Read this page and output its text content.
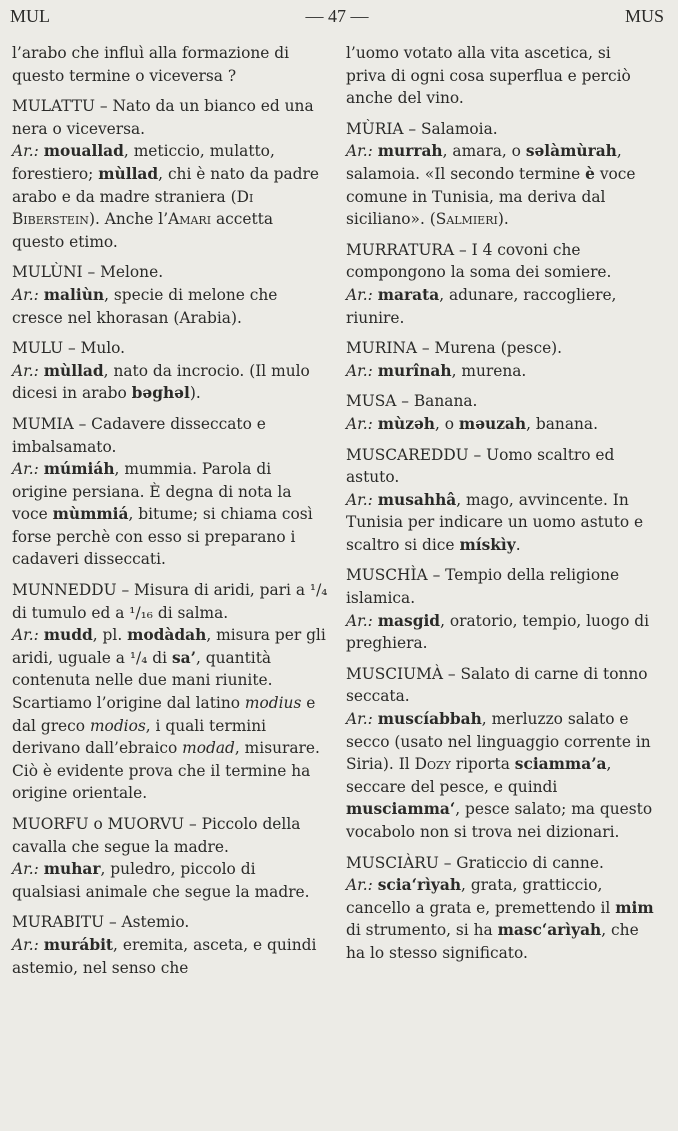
MUL	— 47 —	MUS

l’arabo che influì alla formazione di questo termine o viceversa ?

MULATTU – Nato da un bianco ed una nera o viceversa.

Ar.: mouallad, meticcio, mulatto, forestiero; mùllad, chi è nato da padre arabo e da madre straniera (Di Biberstein). Anche l’Amari accetta questo etimo.

MULÙNI – Melone.

Ar.: maliùn, specie di melone che cresce nel khorasan (Arabia).

MULU – Mulo.

Ar.: mùllad, nato da incrocio. (Il mulo dicesi in arabo bəghəl).

MUMIA – Cadavere disseccato e imbalsamato.

Ar.: múmiáh, mummia. Parola di origine persiana. È degna di nota la voce mùmmiá, bitume; si chiama così forse perchè con esso si preparano i cadaveri disseccati.

MUNNEDDU – Misura di aridi, pari a ¹/₄ di tumulo ed a ¹/₁₆ di salma.

Ar.: mudd, pl. modàdah, misura per gli aridi, uguale a ¹/₄ di sa’, quantità contenuta nelle due mani riunite. Scartiamo l’origine dal latino modius e dal greco modios, i quali termini derivano dall’ebraico modad, misurare. Ciò è evidente prova che il termine ha origine orientale.

MUORFU o MUORVU – Piccolo della cavalla che segue la madre.

Ar.: muhar, puledro, piccolo di qualsiasi animale che segue la madre.

MURABITU – Astemio.

Ar.: murábit, eremita, asceta, e quindi astemio, nel senso che

l’uomo votato alla vita ascetica, si priva di ogni cosa superflua e perciò anche del vino.

MÙRIA – Salamoia.

Ar.: murrah, amara, o səlàmùrah, salamoia. «Il secondo termine è voce comune in Tunisia, ma deriva dal siciliano». (Salmieri).

MURRATURA – I 4 covoni che compongono la soma dei somiere.

Ar.: marata, adunare, raccogliere, riunire.

MURINA – Murena (pesce).

Ar.: murînah, murena.

MUSA – Banana.

Ar.: mùzəh, o məuzah, banana.

MUSCAREDDU – Uomo scaltro ed astuto.

Ar.: musahhâ, mago, avvincente. In Tunisia per indicare un uomo astuto e scaltro si dice mískìy.

MUSCHÌA – Tempio della religione islamica.

Ar.: masgid, oratorio, tempio, luogo di preghiera.

MUSCIUMÀ – Salato di carne di tonno seccata.

Ar.: muscíabbah, merluzzo salato e secco (usato nel linguaggio corrente in Siria). Il Dozy riporta sciamma’a, seccare del pesce, e quindi musciamma‘, pesce salato; ma questo vocabolo non si trova nei dizionari.

MUSCIÀRU – Graticcio di canne.

Ar.: scia‘rìyah, grata, gratticcio, cancello a grata e, premettendo il mim di strumento, si ha masc‘arìyah, che ha lo stesso significato.
